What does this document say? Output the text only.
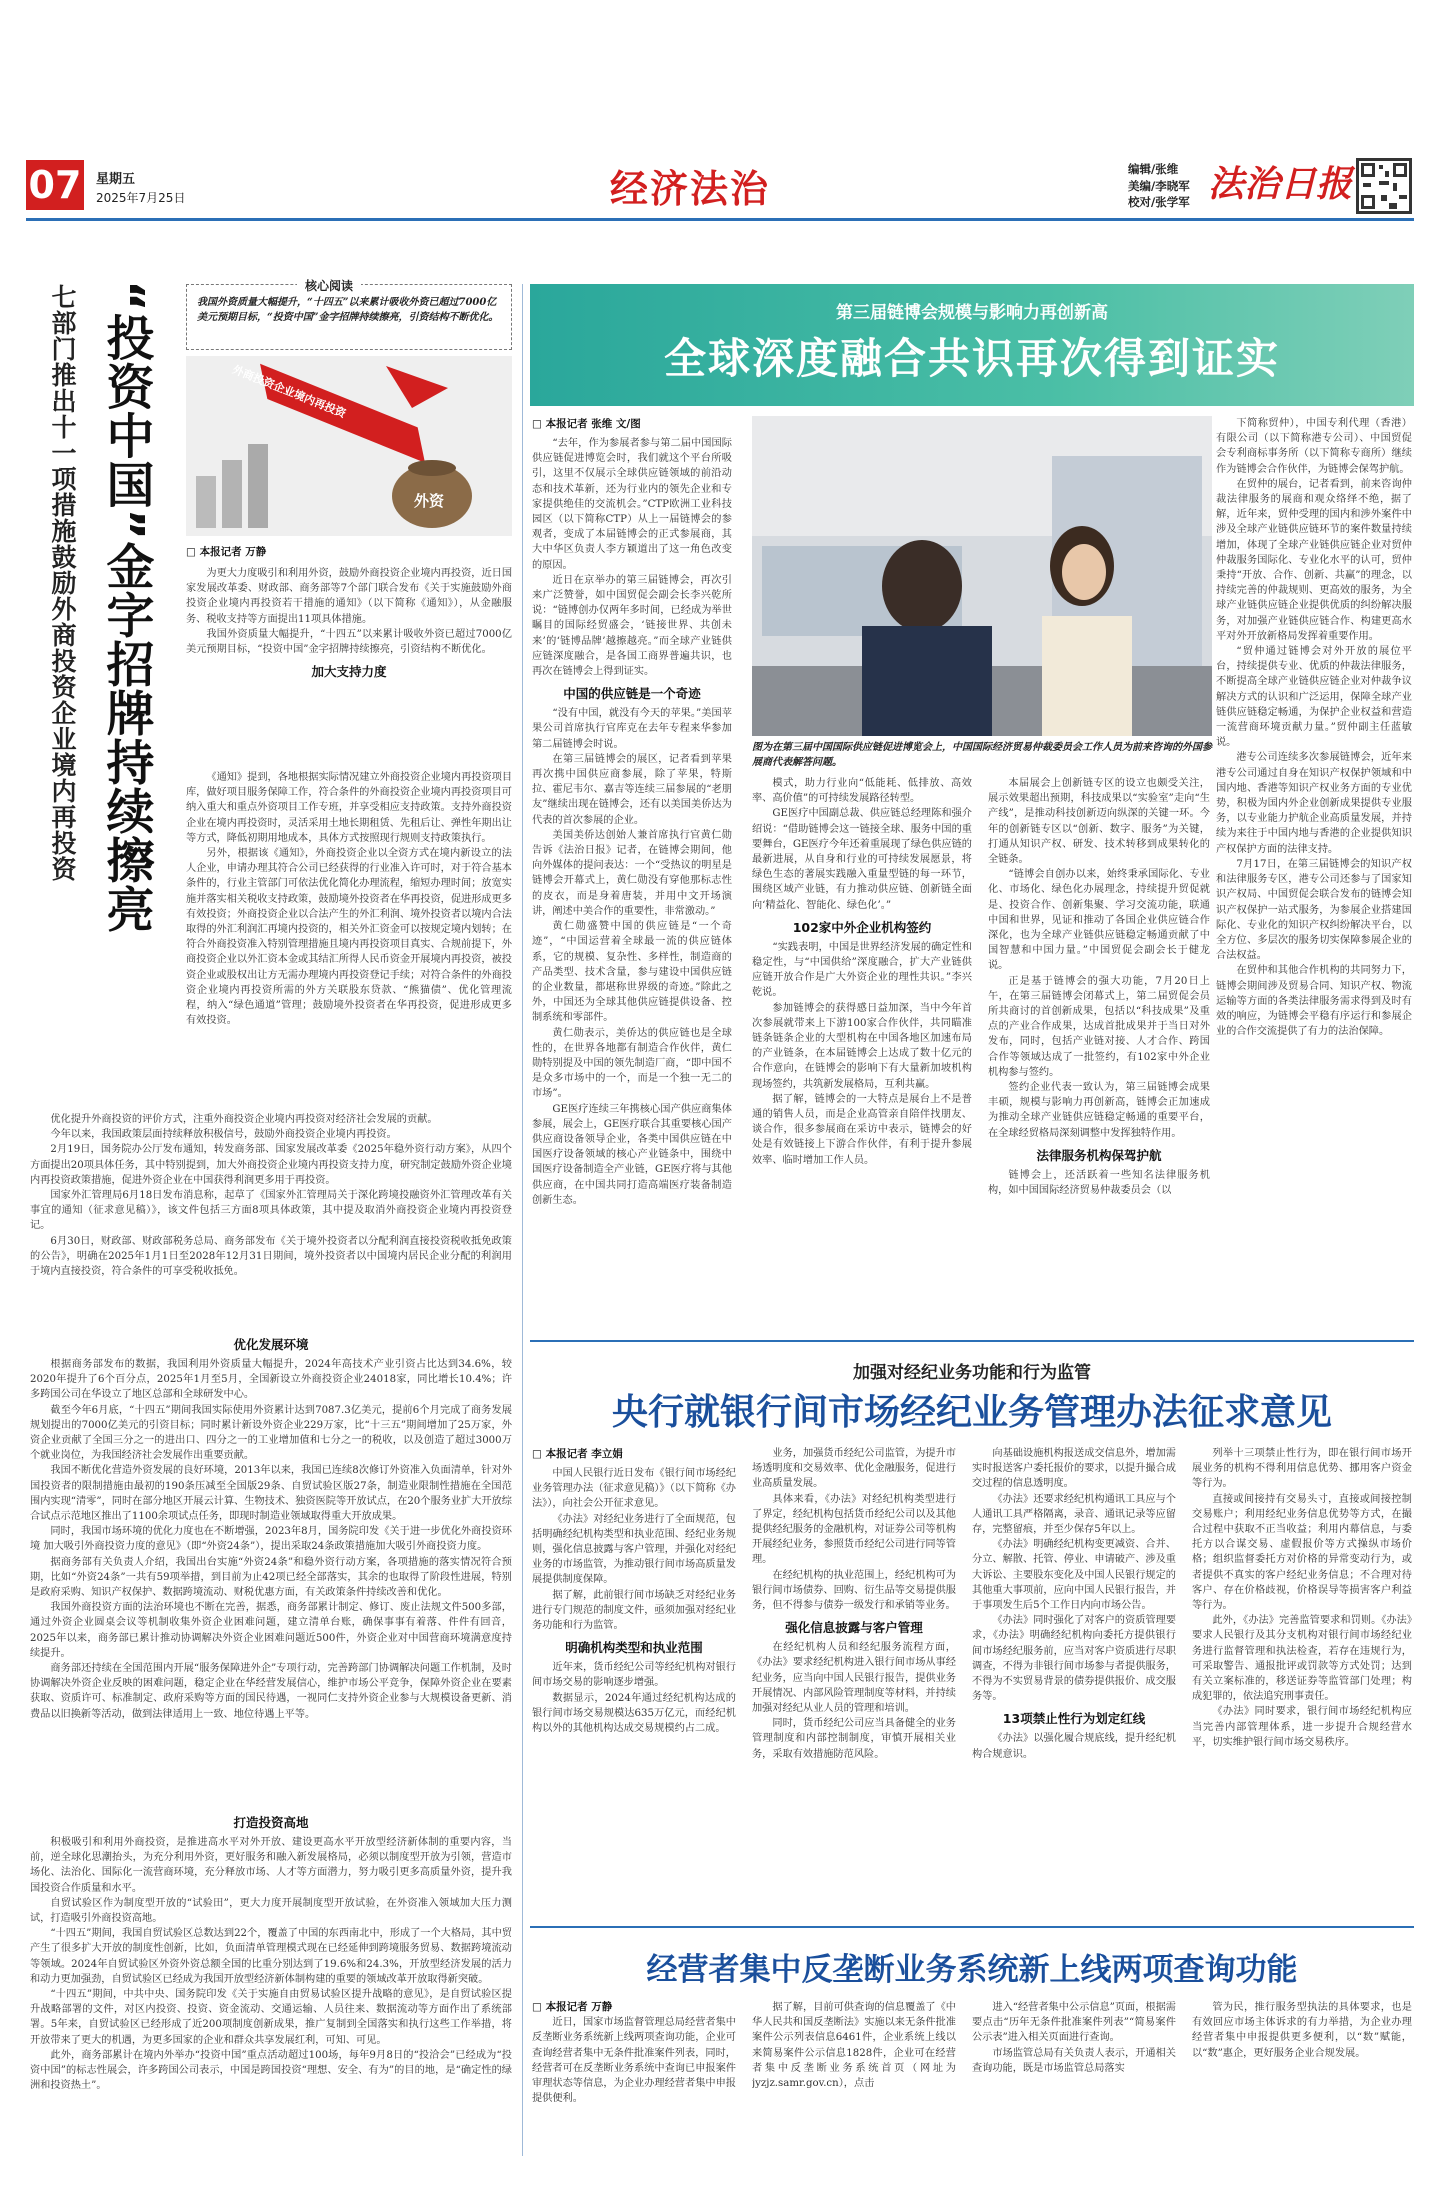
07 星期五
2025年7月25日	经济法治	编辑/张维
美编/李晓军
校对/张学军 法治日报
七部门推出十一项措施鼓励外商投资企业境内再投资 “投资中国”金字招牌持续擦亮	核心阅读
我国外资质量大幅提升，“十四五”以来累计吸收外资已超过7000亿美元预期目标，“投资中国”金字招牌持续擦亮，引资结构不断优化。
外商投资企业境内再投资
外资
□ 本报记者 万静

为更大力度吸引和利用外资，鼓励外商投资企业境内再投资，近日国家发展改革委、财政部、商务部等7个部门联合发布《关于实施鼓励外商投资企业境内再投资若干措施的通知》（以下简称《通知》），从金融服务、税收支持等方面提出11项具体措施。

我国外资质量大幅提升，“十四五”以来累计吸收外资已超过7000亿美元预期目标，“投资中国”金字招牌持续擦亮，引资结构不断优化。

加大支持力度

《通知》提到，各地根据实际情况建立外商投资企业境内再投资项目库，做好项目服务保障工作，符合条件的外商投资企业境内再投资项目可纳入重大和重点外资项目工作专班，并享受相应支持政策。支持外商投资企业在境内再投资时，灵活采用土地长期租赁、先租后让、弹性年期出让等方式，降低初期用地成本，具体方式按照现行规则支持政策执行。

另外，根据该《通知》，外商投资企业以全资方式在境内新设立的法人企业，申请办理其符合公司已经获得的行业准入许可时，对于符合基本条件的，行业主管部门可依法优化简化办理流程，缩短办理时间；放宽实施并落实相关税收支持政策，鼓励境外投资者在华再投资，促进形成更多有效投资；外商投资企业以合法产生的外汇利润、境外投资者以境内合法取得的外汇利润汇再境内投资的，相关外汇资金可以按规定境内划转；在符合外商投资准入特别管理措施且境内再投资项目真实、合规前提下，外商投资企业以外汇资本金或其结汇所得人民币资金开展境内再投资，被投资企业或股权出让方无需办理境内再投资登记手续；对符合条件的外商投资企业境内再投资所需的外方关联股东贷款、“熊猫债”、优化管理流程，纳入“绿色通道”管理；鼓励境外投资者在华再投资，促进形成更多有效投资。

优化提升外商投资的评价方式，注重外商投资企业境内再投资对经济社会发展的贡献。

今年以来，我国政策层面持续释放积极信号，鼓励外商投资企业境内再投资。

2月19日，国务院办公厅发布通知，转发商务部、国家发展改革委《2025年稳外资行动方案》，从四个方面提出20项具体任务，其中特别提到，加大外商投资企业境内再投资支持力度，研究制定鼓励外资企业境内再投资政策措施，促进外资企业在中国获得利润更多用于再投资。

国家外汇管理局6月18日发布消息称，起草了《国家外汇管理局关于深化跨境投融资外汇管理改革有关事宜的通知（征求意见稿）》，该文件包括三方面8项具体政策，其中提及取消外商投资企业境内再投资登记。

6月30日，财政部、财政部税务总局、商务部发布《关于境外投资者以分配利润直接投资税收抵免政策的公告》，明确在2025年1月1日至2028年12月31日期间，境外投资者以中国境内居民企业分配的利润用于境内直接投资，符合条件的可享受税收抵免。

优化发展环境

根据商务部发布的数据，我国利用外资质量大幅提升，2024年高技术产业引资占比达到34.6%，较2020年提升了6个百分点，2025年1月至5月，全国新设立外商投资企业24018家，同比增长10.4%；许多跨国公司在华设立了地区总部和全球研发中心。

截至今年6月底，“十四五”期间我国实际使用外资累计达到7087.3亿美元，提前6个月完成了商务发展规划提出的7000亿美元的引资目标；同时累计新设外资企业229万家，比“十三五”期间增加了25万家，外资企业贡献了全国三分之一的进出口、四分之一的工业增加值和七分之一的税收，以及创造了超过3000万个就业岗位，为我国经济社会发展作出重要贡献。

我国不断优化营造外资发展的良好环境，2013年以来，我国已连续8次修订外资准入负面清单，针对外国投资者的限制措施由最初的190条压减至全国版29条、自贸试验区版27条，制造业限制性措施在全国范围内实现“清零”，同时在部分地区开展云计算、生物技术、独资医院等开放试点，在20个服务业扩大开放综合试点示范地区推出了1100余项试点任务，即现时制造业领域取得重大开放成果。

同时，我国市场环境的优化力度也在不断增强，2023年8月，国务院印发《关于进一步优化外商投资环境 加大吸引外商投资力度的意见》（即“外资24条”），提出采取24条政策措施加大吸引外商投资力度。

据商务部有关负责人介绍，我国出台实施“外资24条”和稳外资行动方案，各项措施的落实情况符合预期，比如“外资24条”一共有59项举措，到目前为止42项已经全部落实，其余的也取得了阶段性进展，特别是政府采购、知识产权保护、数据跨境流动、财税优惠方面，有关政策条件持续改善和优化。

我国外商投资方面的法治环境也不断在完善，据悉，商务部累计制定、修订、废止法规文件500多部，通过外资企业圆桌会议等机制收集外资企业困难问题，建立清单台账，确保事事有着落、件件有回音，2025年以来，商务部已累计推动协调解决外资企业困难问题近500件，外资企业对中国营商环境满意度持续提升。

商务部还持续在全国范围内开展“服务保障进外企”专项行动，完善跨部门协调解决问题工作机制，及时协调解决外资企业反映的困难问题，稳定企业在华经营发展信心，维护市场公平竞争，保障外资企业在要素获取、资质许可、标准制定、政府采购等方面的国民待遇，一视同仁支持外资企业参与大规模设备更新、消费品以旧换新等活动，做到法律适用上一致、地位待遇上平等。

打造投资高地

积极吸引和利用外商投资，是推进高水平对外开放、建设更高水平开放型经济新体制的重要内容，当前，逆全球化思潮抬头，为充分利用外资，更好服务和融入新发展格局，必须以制度型开放为引领，营造市场化、法治化、国际化一流营商环境，充分释放市场、人才等方面潜力，努力吸引更多高质量外资，提升我国投资合作质量和水平。

自贸试验区作为制度型开放的“试验田”，更大力度开展制度型开放试验，在外资准入领域加大压力测试，打造吸引外商投资高地。

“十四五”期间，我国自贸试验区总数达到22个，覆盖了中国的东西南北中，形成了一个大格局，其中贸产生了很多扩大开放的制度性创新，比如，负面清单管理模式现在已经延伸到跨境服务贸易、数据跨境流动等领域。2024年自贸试验区外资外资总额全国的比重分别达到了19.6%和24.3%，开放型经济发展的活力和动力更加强劲，自贸试验区已经成为我国开放型经济新体制构建的重要的领域改革开放取得新突破。

“十四五”期间，中共中央、国务院印发《关于实施自由贸易试验区提升战略的意见》，是自贸试验区提升战略部署的文件，对区内投资、投资、资金流动、交通运输、人员往来、数据流动等方面作出了系统部署。5年来，自贸试验区已经形成了近200项制度创新成果，推广复制到全国落实和执行这些工作举措，将开放带来了更大的机遇，为更多国家的企业和群众共享发展红利，可知、可见。

此外，商务部累计在境内外举办“投资中国”重点活动超过100场，每年9月8日的“投洽会”已经成为“投资中国”的标志性展会，许多跨国公司表示，中国是跨国投资“理想、安全、有为”的目的地，是“确定性的绿洲和投资热土”。

第三届链博会规模与影响力再创新高
全球深度融合共识再次得到证实
□ 本报记者 张维 文/图

“去年，作为参展者参与第二届中国国际供应链促进博览会时，我们就这个平台所吸引，这里不仅展示全球供应链领域的前沿动态和技术革新，还为行业内的领先企业和专家提供绝佳的交流机会。”CTP欧洲工业科技园区（以下简称CTP）从上一届链博会的参观者，变成了本届链博会的正式参展商，其大中华区负责人李方颖道出了这一角色改变的原因。

近日在京举办的第三届链博会，再次引来广泛赞誉，如中国贸促会副会长李兴乾所说：“链博创办仅两年多时间，已经成为举世瞩目的国际经贸盛会，‘链接世界、共创未来’的‘链博品牌’越擦越亮。”而全球产业链供应链深度融合，是各国工商界普遍共识，也再次在链博会上得到证实。

中国的供应链是一个奇迹

“没有中国，就没有今天的苹果。”美国苹果公司首席执行官库克在去年专程来华参加第二届链博会时说。

在第三届链博会的展区，记者看到苹果再次携中国供应商参展，除了苹果，特斯拉、霍尼韦尔、嘉吉等连续三届参展的“老朋友”继续出现在链博会，还有以美国美侨达为代表的首次参展的企业。

美国美侨达创始人兼首席执行官黄仁勋告诉《法治日报》记者，在链博会期间，他向外媒体的提问表达：一个“受热议的明星是链博会开幕式上，黄仁勋没有穿他那标志性的皮衣，而是身着唐装，并用中文开场演讲，阐述中美合作的重要性，非常激动。”

黄仁勋盛赞中国的供应链是“一个奇迹”，“中国运营着全球最一流的供应链体系，它的规模、复杂性、多样性，制造商的产品类型、技术含量，参与建设中国供应链的企业数量，都堪称世界级的奇迹。”除此之外，中国还为全球其他供应链提供设备、控制系统和零部件。

黄仁勋表示，美侨达的供应链也是全球性的，在世界各地都有制造合作伙伴，黄仁勋特别提及中国的领先制造厂商，“即中国不是众多市场中的一个，而是一个独一无二的市场”。

GE医疗连续三年携核心国产供应商集体参展，展会上，GE医疗联合其重要核心国产供应商设备领导企业，各类中国供应链在中国医疗设备领域的核心产业链条中，围绕中国医疗设备制造全产业链，GE医疗将与其他供应商，在中国共同打造高端医疗装备制造创新生态。

图为在第三届中国国际供应链促进博览会上，中国国际经济贸易仲裁委员会工作人员为前来咨询的外国参展商代表解答问题。

模式，助力行业向“低能耗、低排放、高效率、高价值”的可持续发展路径转型。

GE医疗中国副总裁、供应链总经理陈和强介绍说：“借助链博会这一链接全球、服务中国的重要舞台，GE医疗今年还着重展现了绿色供应链的最新进展，从自身和行业的可持续发展愿景，将绿色生态的著展实践融入重量型链的每一环节，围绕区域产业链，有力推动供应链、创新链全面向‘精益化、智能化、绿色化’。”

102家中外企业机构签约

“实践表明，中国是世界经济发展的确定性和稳定性，与“中国供给”深度融合，扩大产业链供应链开放合作是广大外资企业的理性共识。”李兴乾说。

参加链博会的获得感日益加深，当中今年首次参展就带来上下游100家合作伙伴，共同瞄准链条链条企业的大型机构在中国各地区加速布局的产业链条，在本届链博会上达成了数十亿元的合作意向，在链博会的影响下有大量新加坡机构现场签约，共筑新发展格局，互利共赢。

据了解，链博会的一大特点是展台上不是普通的销售人员，而是企业高管亲自陪伴找朋友、谈合作，很多参展商在采访中表示，链博会的好处是有效链接上下游合作伙伴，有利于提升参展效率、临时增加工作人员。

本届展会上创新链专区的设立也颇受关注，展示效果超出预期，科技成果以“实验室”走向“生产线”，是推动科技创新迈向纵深的关键一环。今年的创新链专区以“创新、数字、服务”为关键，打通从知识产权、研发、技术转移到成果转化的全链条。

“链博会自创办以来，始终秉承国际化、专业化、市场化、绿色化办展理念，持续提升贸促就是、投资合作、创新集聚、学习交流功能，联通中国和世界，见证和推动了各国企业供应链合作深化，也为全球产业链供应链稳定畅通贡献了中国智慧和中国力量。”中国贸促会副会长于健龙说。

正是基于链博会的强大功能，7月20日上午，在第三届链博会闭幕式上，第二届贸促会员所共商讨的首创新成果，包括以“科技成果”及重点的产业合作成果，达成首批成果并于当日对外发布，同时，包括产业链对接、人才合作、跨国合作等领域达成了一批签约，有102家中外企业机构参与签约。

签约企业代表一致认为，第三届链博会成果丰硕，规模与影响力再创新高，链博会正加速成为推动全球产业链供应链稳定畅通的重要平台，在全球经贸格局深刻调整中发挥独特作用。

法律服务机构保驾护航

链博会上，还活跃着一些知名法律服务机构，如中国国际经济贸易仲裁委员会（以

下简称贸仲），中国专利代理（香港）有限公司（以下简称港专公司）、中国贸促会专利商标事务所（以下简称专商所）继续作为链博会合作伙伴，为链博会保驾护航。

在贸仲的展台，记者看到，前来咨询仲裁法律服务的展商和观众络绎不绝，据了解，近年来，贸仲受理的国内和涉外案件中涉及全球产业链供应链环节的案件数量持续增加，体现了全球产业链供应链企业对贸仲仲裁服务国际化、专业化水平的认可，贸仲秉持“开放、合作、创新、共赢”的理念，以持续完善的仲裁规则、更高效的服务，为全球产业链供应链企业提供优质的纠纷解决服务，对加强产业链供应链合作、构建更高水平对外开放新格局发挥着重要作用。

“贸仲通过链博会对外开放的展位平台，持续提供专业、优质的仲裁法律服务，不断提高全球产业链供应链企业对仲裁争议解决方式的认识和广泛运用，保障全球产业链供应链稳定畅通，为保护企业权益和营造一流营商环境贡献力量。”贸仲副主任蓝敏说。

港专公司连续多次参展链博会，近年来港专公司通过自身在知识产权保护领域和中国内地、香港等知识产权业务方面的专业优势，积极为国内外企业创新成果提供专业服务，以专业能力护航企业高质量发展，并持续为来往于中国内地与香港的企业提供知识产权保护方面的法律支持。

7月17日，在第三届链博会的知识产权和法律服务专区，港专公司还参与了国家知识产权局、中国贸促会联合发布的链博会知识产权保护一站式服务，为参展企业搭建国际化、专业化的知识产权纠纷解决平台，以全方位、多层次的服务切实保障参展企业的合法权益。

在贸仲和其他合作机构的共同努力下，链博会期间涉及贸易合同、知识产权、物流运输等方面的各类法律服务需求得到及时有效的响应，为链博会平稳有序运行和参展企业的合作交流提供了有力的法治保障。

加强对经纪业务功能和行为监管
央行就银行间市场经纪业务管理办法征求意见
□ 本报记者 李立娟

中国人民银行近日发布《银行间市场经纪业务管理办法（征求意见稿）》（以下简称《办法》），向社会公开征求意见。

《办法》对经纪业务进行了全面规范，包括明确经纪机构类型和执业范围、经纪业务规则，强化信息披露与客户管理，并强化对经纪业务的市场监管，为推动银行间市场高质量发展提供制度保障。

据了解，此前银行间市场缺乏对经纪业务进行专门规范的制度文件，亟须加强对经纪业务功能和行为监管。

明确机构类型和执业范围

近年来，货币经纪公司等经纪机构对银行间市场交易的影响逐步增强。

数据显示，2024年通过经纪机构达成的银行间市场交易规模达635万亿元，而经纪机构以外的其他机构达成交易规模约占二成。

业务，加强货币经纪公司监管，为提升市场透明度和交易效率、优化金融服务，促进行业高质量发展。

具体来看，《办法》对经纪机构类型进行了界定，经纪机构包括货币经纪公司以及其他提供经纪服务的金融机构，对证券公司等机构开展经纪业务，参照货币经纪公司进行同等管理。

在经纪机构的执业范围上，经纪机构可为银行间市场债券、回购、衍生品等交易提供服务，但不得参与债券一级发行和承销等业务。

强化信息披露与客户管理

在经纪机构人员和经纪服务流程方面，《办法》要求经纪机构进入银行间市场从事经纪业务，应当向中国人民银行报告，提供业务开展情况、内部风险管理制度等材料，并持续加强对经纪从业人员的管理和培训。

同时，货币经纪公司应当具备健全的业务管理制度和内部控制制度，审慎开展相关业务，采取有效措施防范风险。

向基础设施机构报送成交信息外，增加需实时报送客户委托报价的要求，以提升撮合成交过程的信息透明度。

《办法》还要求经纪机构通讯工具应与个人通讯工具严格隔离，录音、通讯记录等应留存，完整留痕，并至少保存5年以上。

《办法》明确经纪机构变更减资、合并、分立、解散、托管、停业、申请破产、涉及重大诉讼、主要股东变化及中国人民银行规定的其他重大事项前，应向中国人民银行报告，并于事项发生后5个工作日内向市场公告。

《办法》同时强化了对客户的资质管理要求，《办法》明确经纪机构向委托方提供银行间市场经纪服务前，应当对客户资质进行尽职调查，不得为非银行间市场参与者提供服务，不得为不实贸易背景的债券提供报价、成交服务等。

13项禁止性行为划定红线

《办法》以强化履合规底线，提升经纪机构合规意识。

列举十三项禁止性行为，即在银行间市场开展业务的机构不得利用信息优势、挪用客户资金等行为。

直接或间接持有交易头寸，直接或间接控制交易账户；利用经纪业务信息优势等方式，在撮合过程中获取不正当收益；利用内幕信息，与委托方以合谋交易、虚假报价等方式操纵市场价格；组织监督委托方对价格的异常变动行为，或者提供不真实的客户经纪业务信息；不合理对待客户、存在价格歧视，价格误导等损害客户利益等行为。

此外，《办法》完善监管要求和罚则。《办法》要求人民银行及其分支机构对银行间市场经纪业务进行监督管理和执法检查，若存在违规行为，可采取警告、通报批评或罚款等方式处罚；达到有关立案标准的，移送证券等监管部门处理；构成犯罪的，依法追究刑事责任。

《办法》同时要求，银行间市场经纪机构应当完善内部管理体系，进一步提升合规经营水平，切实维护银行间市场交易秩序。

经营者集中反垄断业务系统新上线两项查询功能
□ 本报记者 万静

近日，国家市场监督管理总局经营者集中反垄断业务系统新上线两项查询功能，企业可查询经营者集中无条件批准案件列表，同时，经营者可在反垄断业务系统中查询已申报案件审理状态等信息，为企业办理经营者集中申报提供便利。

据了解，目前可供查询的信息覆盖了《中华人民共和国反垄断法》实施以来无条件批准案件公示列表信息6461件，企业系统上线以来简易案件公示信息1828件，企业可在经营者集中反垄断业务系统首页（网址为jyzjz.samr.gov.cn），点击

进入“经营者集中公示信息”页面，根据需要点击“历年无条件批准案件列表”“简易案件公示表”进入相关页面进行查询。

市场监管总局有关负责人表示，开通相关查询功能，既是市场监管总局落实

管为民，推行服务型执法的具体要求，也是有效回应市场主体诉求的有力举措，为企业办理经营者集中申报提供更多便利，以“数”赋能，以“数”惠企，更好服务企业合规发展。
